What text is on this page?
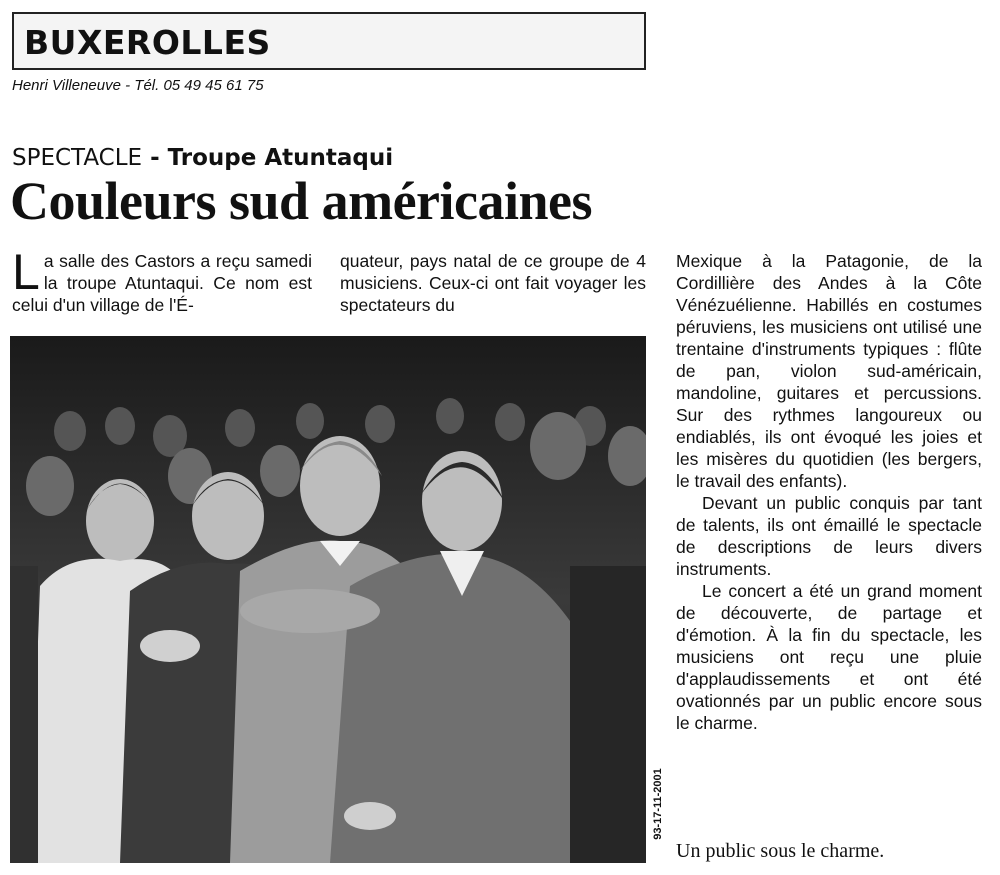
BUXEROLLES
Henri Villeneuve - Tél. 05 49 45 61 75
SPECTACLE - Troupe Atuntaqui
Couleurs sud américaines

La salle des Castors a reçu samedi la troupe Atuntaqui. Ce nom est celui d'un village de l'É-

quateur, pays natal de ce groupe de 4 musiciens. Ceux-ci ont fait voyager les spectateurs du

Mexique à la Patagonie, de la Cordillière des Andes à la Côte Vénézuélienne. Habillés en costumes péruviens, les musiciens ont utilisé une trentaine d'instruments typiques : flûte de pan, violon sud-américain, mandoline, guitares et percussions. Sur des rythmes langoureux ou endiablés, ils ont évoqué les joies et les misères du quotidien (les bergers, le travail des enfants).

Devant un public conquis par tant de talents, ils ont émaillé le spectacle de descriptions de leurs divers instruments.

Le concert a été un grand moment de découverte, de partage et d'émotion. À la fin du spectacle, les musiciens ont reçu une pluie d'applaudissements et ont été ovationnés par un public encore sous le charme.

93-17-11-2001
Un public sous le charme.
